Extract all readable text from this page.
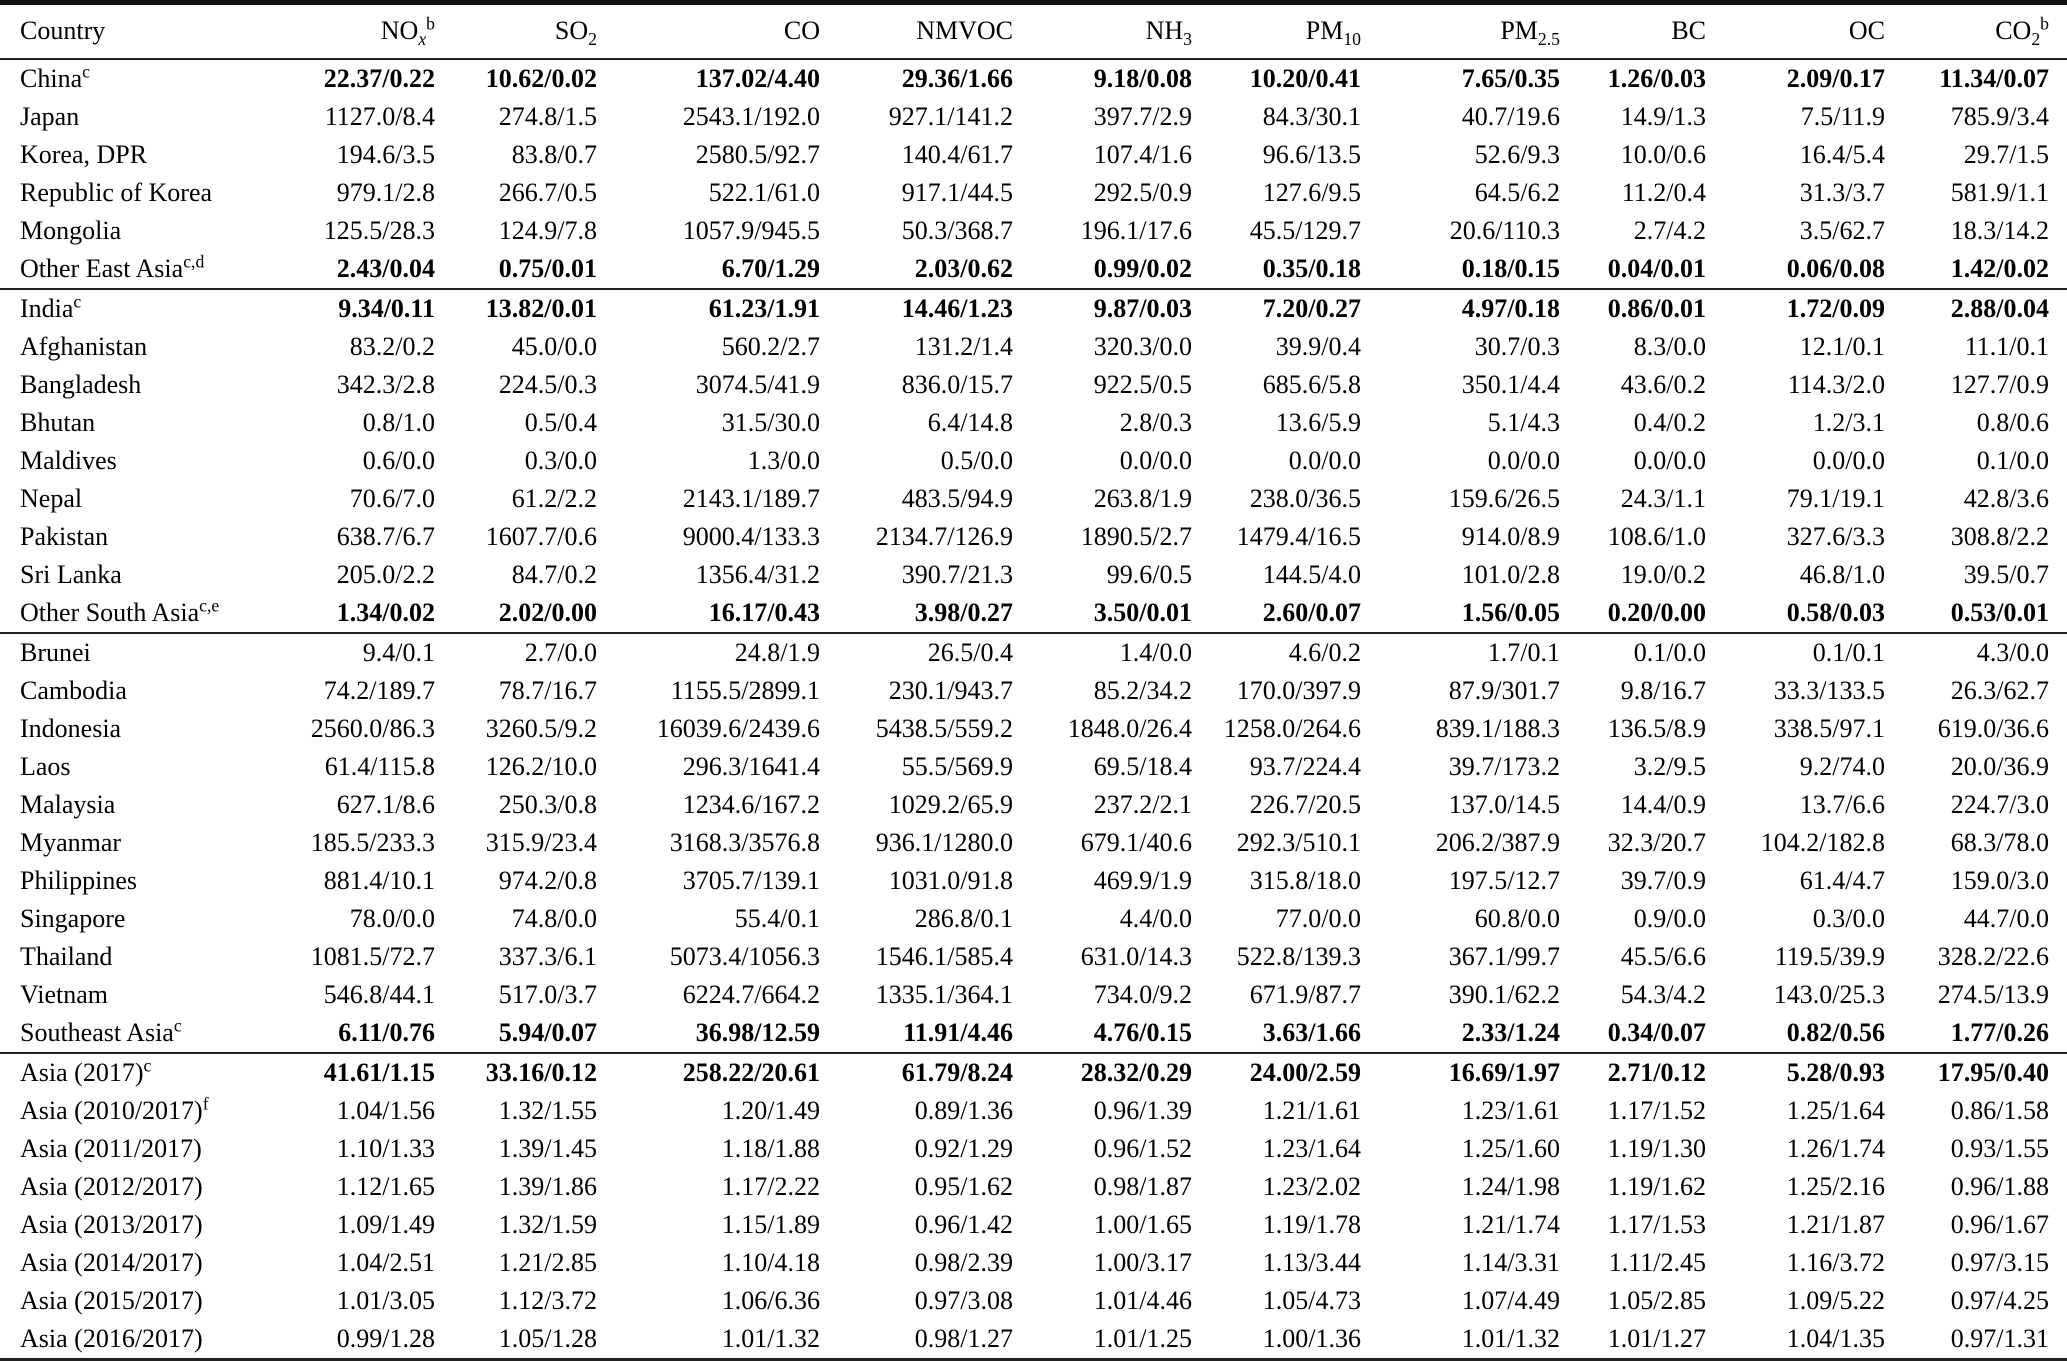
Country	$NO_x^b$	$SO_2$	CO	NMVOC	$NH_3$	$PM_{10}$	$PM_{2.5}$	BC	OC	$CO_2^b$
China$^c$	22.37/0.22	10.62/0.02	137.02/4.40	29.36/1.66	9.18/0.08	10.20/0.41	7.65/0.35	1.26/0.03	2.09/0.17	11.34/0.07
Japan	1127.0/8.4	274.8/1.5	2543.1/192.0	927.1/141.2	397.7/2.9	84.3/30.1	40.7/19.6	14.9/1.3	7.5/11.9	785.9/3.4
Korea, DPR	194.6/3.5	83.8/0.7	2580.5/92.7	140.4/61.7	107.4/1.6	96.6/13.5	52.6/9.3	10.0/0.6	16.4/5.4	29.7/1.5
Republic of Korea	979.1/2.8	266.7/0.5	522.1/61.0	917.1/44.5	292.5/0.9	127.6/9.5	64.5/6.2	11.2/0.4	31.3/3.7	581.9/1.1
Mongolia	125.5/28.3	124.9/7.8	1057.9/945.5	50.3/368.7	196.1/17.6	45.5/129.7	20.6/110.3	2.7/4.2	3.5/62.7	18.3/14.2
Other East Asia$^{c,d}$	2.43/0.04	0.75/0.01	6.70/1.29	2.03/0.62	0.99/0.02	0.35/0.18	0.18/0.15	0.04/0.01	0.06/0.08	1.42/0.02
India$^c$	9.34/0.11	13.82/0.01	61.23/1.91	14.46/1.23	9.87/0.03	7.20/0.27	4.97/0.18	0.86/0.01	1.72/0.09	2.88/0.04
Afghanistan	83.2/0.2	45.0/0.0	560.2/2.7	131.2/1.4	320.3/0.0	39.9/0.4	30.7/0.3	8.3/0.0	12.1/0.1	11.1/0.1
Bangladesh	342.3/2.8	224.5/0.3	3074.5/41.9	836.0/15.7	922.5/0.5	685.6/5.8	350.1/4.4	43.6/0.2	114.3/2.0	127.7/0.9
Bhutan	0.8/1.0	0.5/0.4	31.5/30.0	6.4/14.8	2.8/0.3	13.6/5.9	5.1/4.3	0.4/0.2	1.2/3.1	0.8/0.6
Maldives	0.6/0.0	0.3/0.0	1.3/0.0	0.5/0.0	0.0/0.0	0.0/0.0	0.0/0.0	0.0/0.0	0.0/0.0	0.1/0.0
Nepal	70.6/7.0	61.2/2.2	2143.1/189.7	483.5/94.9	263.8/1.9	238.0/36.5	159.6/26.5	24.3/1.1	79.1/19.1	42.8/3.6
Pakistan	638.7/6.7	1607.7/0.6	9000.4/133.3	2134.7/126.9	1890.5/2.7	1479.4/16.5	914.0/8.9	108.6/1.0	327.6/3.3	308.8/2.2
Sri Lanka	205.0/2.2	84.7/0.2	1356.4/31.2	390.7/21.3	99.6/0.5	144.5/4.0	101.0/2.8	19.0/0.2	46.8/1.0	39.5/0.7
Other South Asia$^{c,e}$	1.34/0.02	2.02/0.00	16.17/0.43	3.98/0.27	3.50/0.01	2.60/0.07	1.56/0.05	0.20/0.00	0.58/0.03	0.53/0.01
Brunei	9.4/0.1	2.7/0.0	24.8/1.9	26.5/0.4	1.4/0.0	4.6/0.2	1.7/0.1	0.1/0.0	0.1/0.1	4.3/0.0
Cambodia	74.2/189.7	78.7/16.7	1155.5/2899.1	230.1/943.7	85.2/34.2	170.0/397.9	87.9/301.7	9.8/16.7	33.3/133.5	26.3/62.7
Indonesia	2560.0/86.3	3260.5/9.2	16039.6/2439.6	5438.5/559.2	1848.0/26.4	1258.0/264.6	839.1/188.3	136.5/8.9	338.5/97.1	619.0/36.6
Laos	61.4/115.8	126.2/10.0	296.3/1641.4	55.5/569.9	69.5/18.4	93.7/224.4	39.7/173.2	3.2/9.5	9.2/74.0	20.0/36.9
Malaysia	627.1/8.6	250.3/0.8	1234.6/167.2	1029.2/65.9	237.2/2.1	226.7/20.5	137.0/14.5	14.4/0.9	13.7/6.6	224.7/3.0
Myanmar	185.5/233.3	315.9/23.4	3168.3/3576.8	936.1/1280.0	679.1/40.6	292.3/510.1	206.2/387.9	32.3/20.7	104.2/182.8	68.3/78.0
Philippines	881.4/10.1	974.2/0.8	3705.7/139.1	1031.0/91.8	469.9/1.9	315.8/18.0	197.5/12.7	39.7/0.9	61.4/4.7	159.0/3.0
Singapore	78.0/0.0	74.8/0.0	55.4/0.1	286.8/0.1	4.4/0.0	77.0/0.0	60.8/0.0	0.9/0.0	0.3/0.0	44.7/0.0
Thailand	1081.5/72.7	337.3/6.1	5073.4/1056.3	1546.1/585.4	631.0/14.3	522.8/139.3	367.1/99.7	45.5/6.6	119.5/39.9	328.2/22.6
Vietnam	546.8/44.1	517.0/3.7	6224.7/664.2	1335.1/364.1	734.0/9.2	671.9/87.7	390.1/62.2	54.3/4.2	143.0/25.3	274.5/13.9
Southeast Asia$^c$	6.11/0.76	5.94/0.07	36.98/12.59	11.91/4.46	4.76/0.15	3.63/1.66	2.33/1.24	0.34/0.07	0.82/0.56	1.77/0.26
Asia $(2017)^c$	41.61/1.15	33.16/0.12	258.22/20.61	61.79/8.24	28.32/0.29	24.00/2.59	16.69/1.97	2.71/0.12	5.28/0.93	17.95/0.40
Asia $(2010/2017)^f$	1.04/1.56	1.32/1.55	1.20/1.49	0.89/1.36	0.96/1.39	1.21/1.61	1.23/1.61	1.17/1.52	1.25/1.64	0.86/1.58
Asia (2011/2017)	1.10/1.33	1.39/1.45	1.18/1.88	0.92/1.29	0.96/1.52	1.23/1.64	1.25/1.60	1.19/1.30	1.26/1.74	0.93/1.55
Asia (2012/2017)	1.12/1.65	1.39/1.86	1.17/2.22	0.95/1.62	0.98/1.87	1.23/2.02	1.24/1.98	1.19/1.62	1.25/2.16	0.96/1.88
Asia (2013/2017)	1.09/1.49	1.32/1.59	1.15/1.89	0.96/1.42	1.00/1.65	1.19/1.78	1.21/1.74	1.17/1.53	1.21/1.87	0.96/1.67
Asia (2014/2017)	1.04/2.51	1.21/2.85	1.10/4.18	0.98/2.39	1.00/3.17	1.13/3.44	1.14/3.31	1.11/2.45	1.16/3.72	0.97/3.15
Asia (2015/2017)	1.01/3.05	1.12/3.72	1.06/6.36	0.97/3.08	1.01/4.46	1.05/4.73	1.07/4.49	1.05/2.85	1.09/5.22	0.97/4.25
Asia (2016/2017)	0.99/1.28	1.05/1.28	1.01/1.32	0.98/1.27	1.01/1.25	1.00/1.36	1.01/1.32	1.01/1.27	1.04/1.35	0.97/1.31
